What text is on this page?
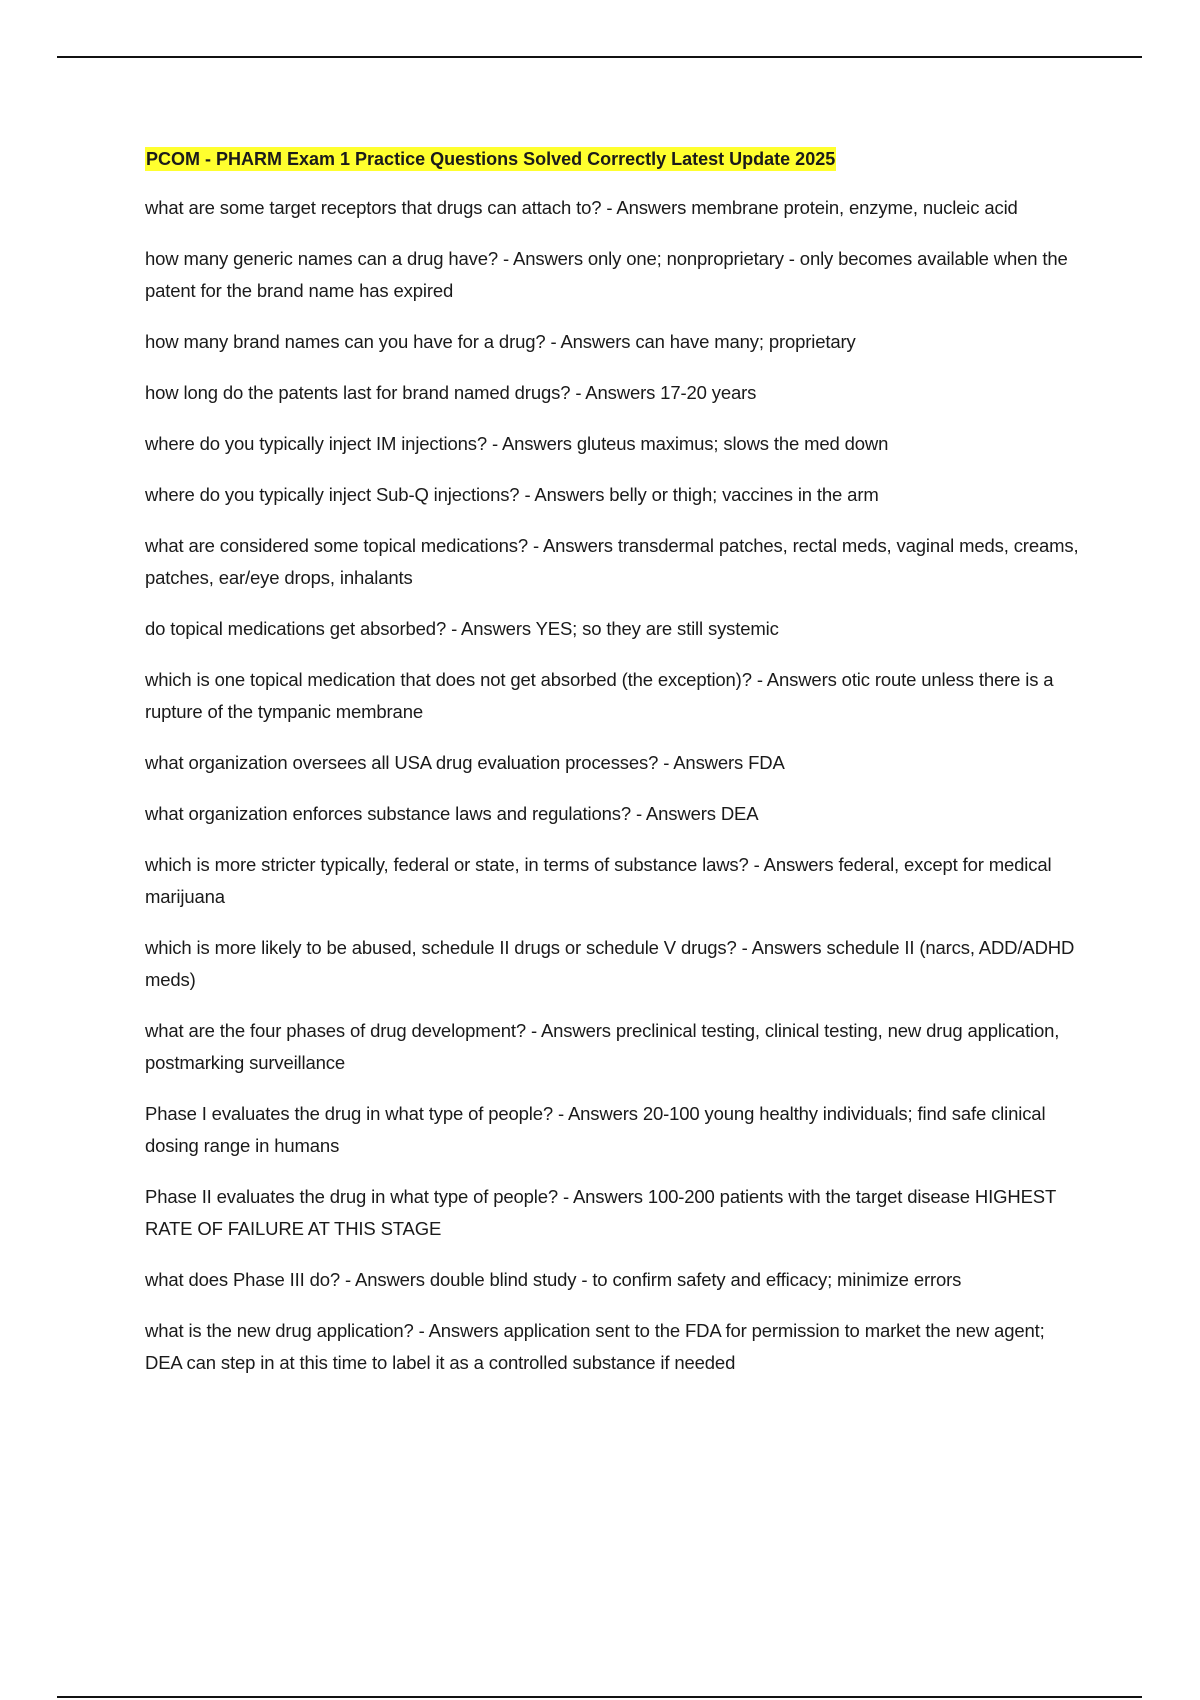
PCOM - PHARM Exam 1 Practice Questions Solved Correctly Latest Update 2025
what are some target receptors that drugs can attach to? - Answers membrane protein, enzyme, nucleic acid
how many generic names can a drug have? - Answers only one; nonproprietary - only becomes available when the patent for the brand name has expired
how many brand names can you have for a drug? - Answers can have many; proprietary
how long do the patents last for brand named drugs? - Answers 17-20 years
where do you typically inject IM injections? - Answers gluteus maximus; slows the med down
where do you typically inject Sub-Q injections? - Answers belly or thigh; vaccines in the arm
what are considered some topical medications? - Answers transdermal patches, rectal meds, vaginal meds, creams, patches, ear/eye drops, inhalants
do topical medications get absorbed? - Answers YES; so they are still systemic
which is one topical medication that does not get absorbed (the exception)? - Answers otic route unless there is a rupture of the tympanic membrane
what organization oversees all USA drug evaluation processes? - Answers FDA
what organization enforces substance laws and regulations? - Answers DEA
which is more stricter typically, federal or state, in terms of substance laws? - Answers federal, except for medical marijuana
which is more likely to be abused, schedule II drugs or schedule V drugs? - Answers schedule II (narcs, ADD/ADHD meds)
what are the four phases of drug development? - Answers preclinical testing, clinical testing, new drug application, postmarking surveillance
Phase I evaluates the drug in what type of people? - Answers 20-100 young healthy individuals; find safe clinical dosing range in humans
Phase II evaluates the drug in what type of people? - Answers 100-200 patients with the target disease HIGHEST RATE OF FAILURE AT THIS STAGE
what does Phase III do? - Answers double blind study - to confirm safety and efficacy; minimize errors
what is the new drug application? - Answers application sent to the FDA for permission to market the new agent; DEA can step in at this time to label it as a controlled substance if needed
